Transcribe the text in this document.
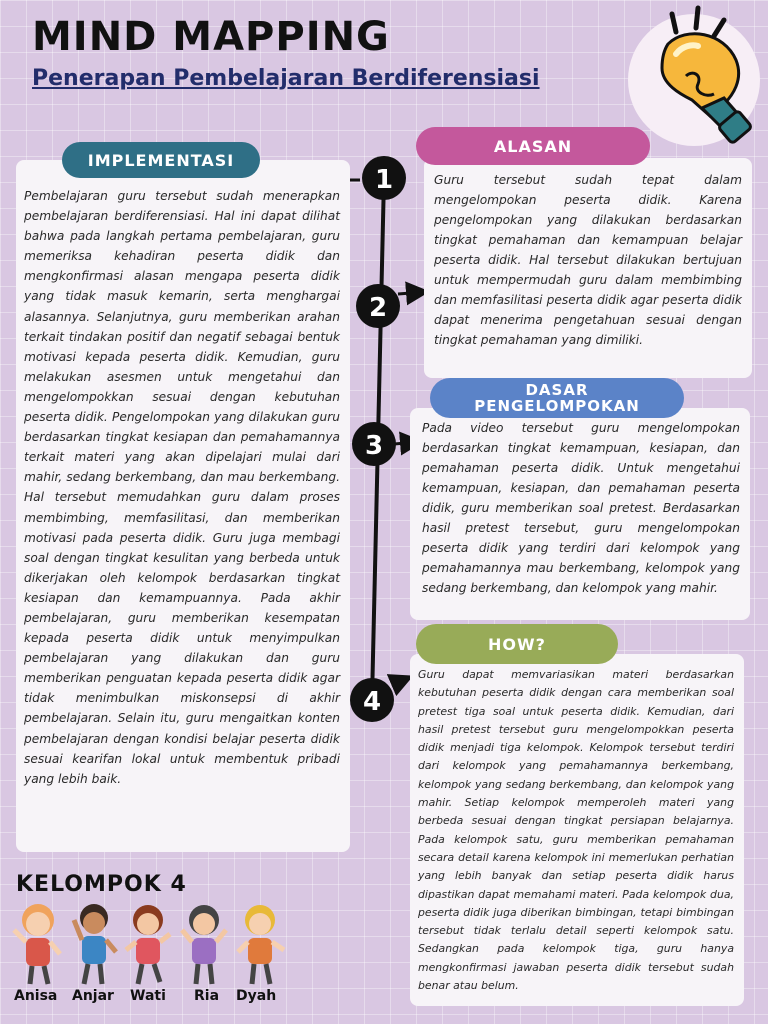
MIND MAPPING
Penerapan Pembelajaran Berdiferensiasi
1
2
3
4

Pembelajaran guru tersebut sudah menerapkan pembelajaran berdiferensiasi. Hal ini dapat dilihat bahwa pada langkah pertama pembelajaran, guru memeriksa kehadiran peserta didik dan mengkonfirmasi alasan mengapa peserta didik yang tidak masuk kemarin, serta menghargai alasannya. Selanjutnya, guru memberikan arahan terkait tindakan positif dan negatif sebagai bentuk motivasi kepada peserta didik. Kemudian, guru melakukan asesmen untuk mengetahui dan mengelompokkan sesuai dengan kebutuhan peserta didik. Pengelompokan yang dilakukan guru berdasarkan tingkat kesiapan dan pemahamannya terkait materi yang akan dipelajari mulai dari mahir, sedang berkembang, dan mau berkembang. Hal tersebut memudahkan guru dalam proses membimbing, memfasilitasi, dan memberikan motivasi pada peserta didik. Guru juga membagi soal dengan tingkat kesulitan yang berbeda untuk dikerjakan oleh kelompok berdasarkan tingkat kesiapan dan kemampuannya. Pada akhir pembelajaran, guru memberikan kesempatan kepada peserta didik untuk menyimpulkan pembelajaran yang dilakukan dan guru memberikan penguatan kepada peserta didik agar tidak menimbulkan miskonsepsi di akhir pembelajaran. Selain itu, guru mengaitkan konten pembelajaran dengan kondisi belajar peserta didik sesuai kearifan lokal untuk membentuk pribadi yang lebih baik.

IMPLEMENTASI

Guru tersebut sudah tepat dalam mengelompokan peserta didik. Karena pengelompokan yang dilakukan berdasarkan tingkat pemahaman dan kemampuan belajar peserta didik. Hal tersebut dilakukan bertujuan untuk mempermudah guru dalam membimbing dan memfasilitasi peserta didik agar peserta didik dapat menerima pengetahuan sesuai dengan tingkat pemahaman yang dimiliki.

ALASAN

Pada video tersebut guru mengelompokan berdasarkan tingkat kemampuan, kesiapan, dan pemahaman peserta didik. Untuk mengetahui kemampuan, kesiapan, dan pemahaman peserta didik, guru memberikan soal pretest. Berdasarkan hasil pretest tersebut, guru mengelompokan peserta didik yang terdiri dari kelompok yang pemahamannya mau berkembang, kelompok yang sedang berkembang, dan kelompok yang mahir.

DASAR
PENGELOMPOKAN

Guru dapat memvariasikan materi berdasarkan kebutuhan peserta didik dengan cara memberikan soal pretest tiga soal untuk peserta didik. Kemudian, dari hasil pretest tersebut guru mengelompokkan peserta didik menjadi tiga kelompok. Kelompok tersebut terdiri dari kelompok yang pemahamannya berkembang, kelompok yang sedang berkembang, dan kelompok yang mahir. Setiap kelompok memperoleh materi yang berbeda sesuai dengan tingkat persiapan belajarnya. Pada kelompok satu, guru memberikan pemahaman secara detail karena kelompok ini memerlukan perhatian yang lebih banyak dan setiap peserta didik harus dipastikan dapat memahami materi. Pada kelompok dua, peserta didik juga diberikan bimbingan, tetapi bimbingan tersebut tidak terlalu detail seperti kelompok satu. Sedangkan pada kelompok tiga, guru hanya mengkonfirmasi jawaban peserta didik tersebut sudah benar atau belum.

HOW?
KELOMPOK 4
Anisa Anjar Wati Ria Dyah
